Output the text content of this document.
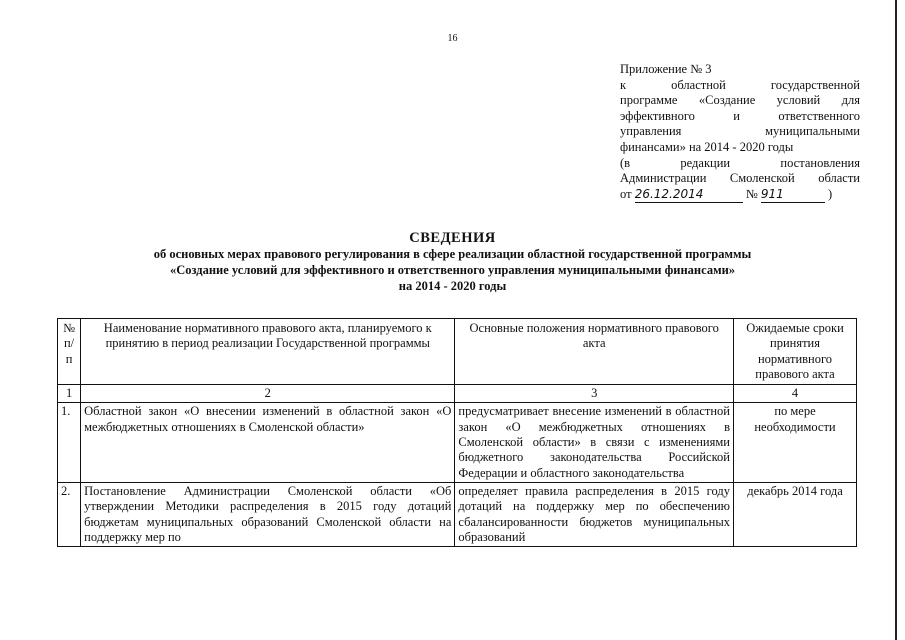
16
Приложение № 3
к областной государственной
программе «Создание условий для
эффективного и ответственного
управления муниципальными
финансами» на 2014 - 2020 годы
(в редакции постановления
Администрации Смоленской области
от 26.12.2014	№ 911	)
СВЕДЕНИЯ
об основных мерах правового регулирования в сфере реализации областной государственной программы
«Создание условий для эффективного и ответственного управления муниципальными финансами»
на 2014 - 2020 годы
№ п/п	Наименование нормативного правового акта, планируемого к принятию в период реализации Государственной программы	Основные положения нормативного правового акта	Ожидаемые сроки принятия нормативного правового акта
1	2	3	4
1.	Областной закон «О внесении изменений в областной закон «О межбюджетных отношениях в Смоленской области»	предусматривает внесение изменений в областной закон «О межбюджетных отношениях в Смоленской области» в связи с изменениями бюджетного законодательства Российской Федерации и областного законодательства	по мере необходимости
2.	Постановление Администрации Смоленской области «Об утверждении Методики распределения в 2015 году дотаций бюджетам муниципальных образований Смоленской области на поддержку мер по	определяет правила распределения в 2015 году дотаций на поддержку мер по обеспечению сбалансированности бюджетов муниципальных образований	декабрь 2014 года
